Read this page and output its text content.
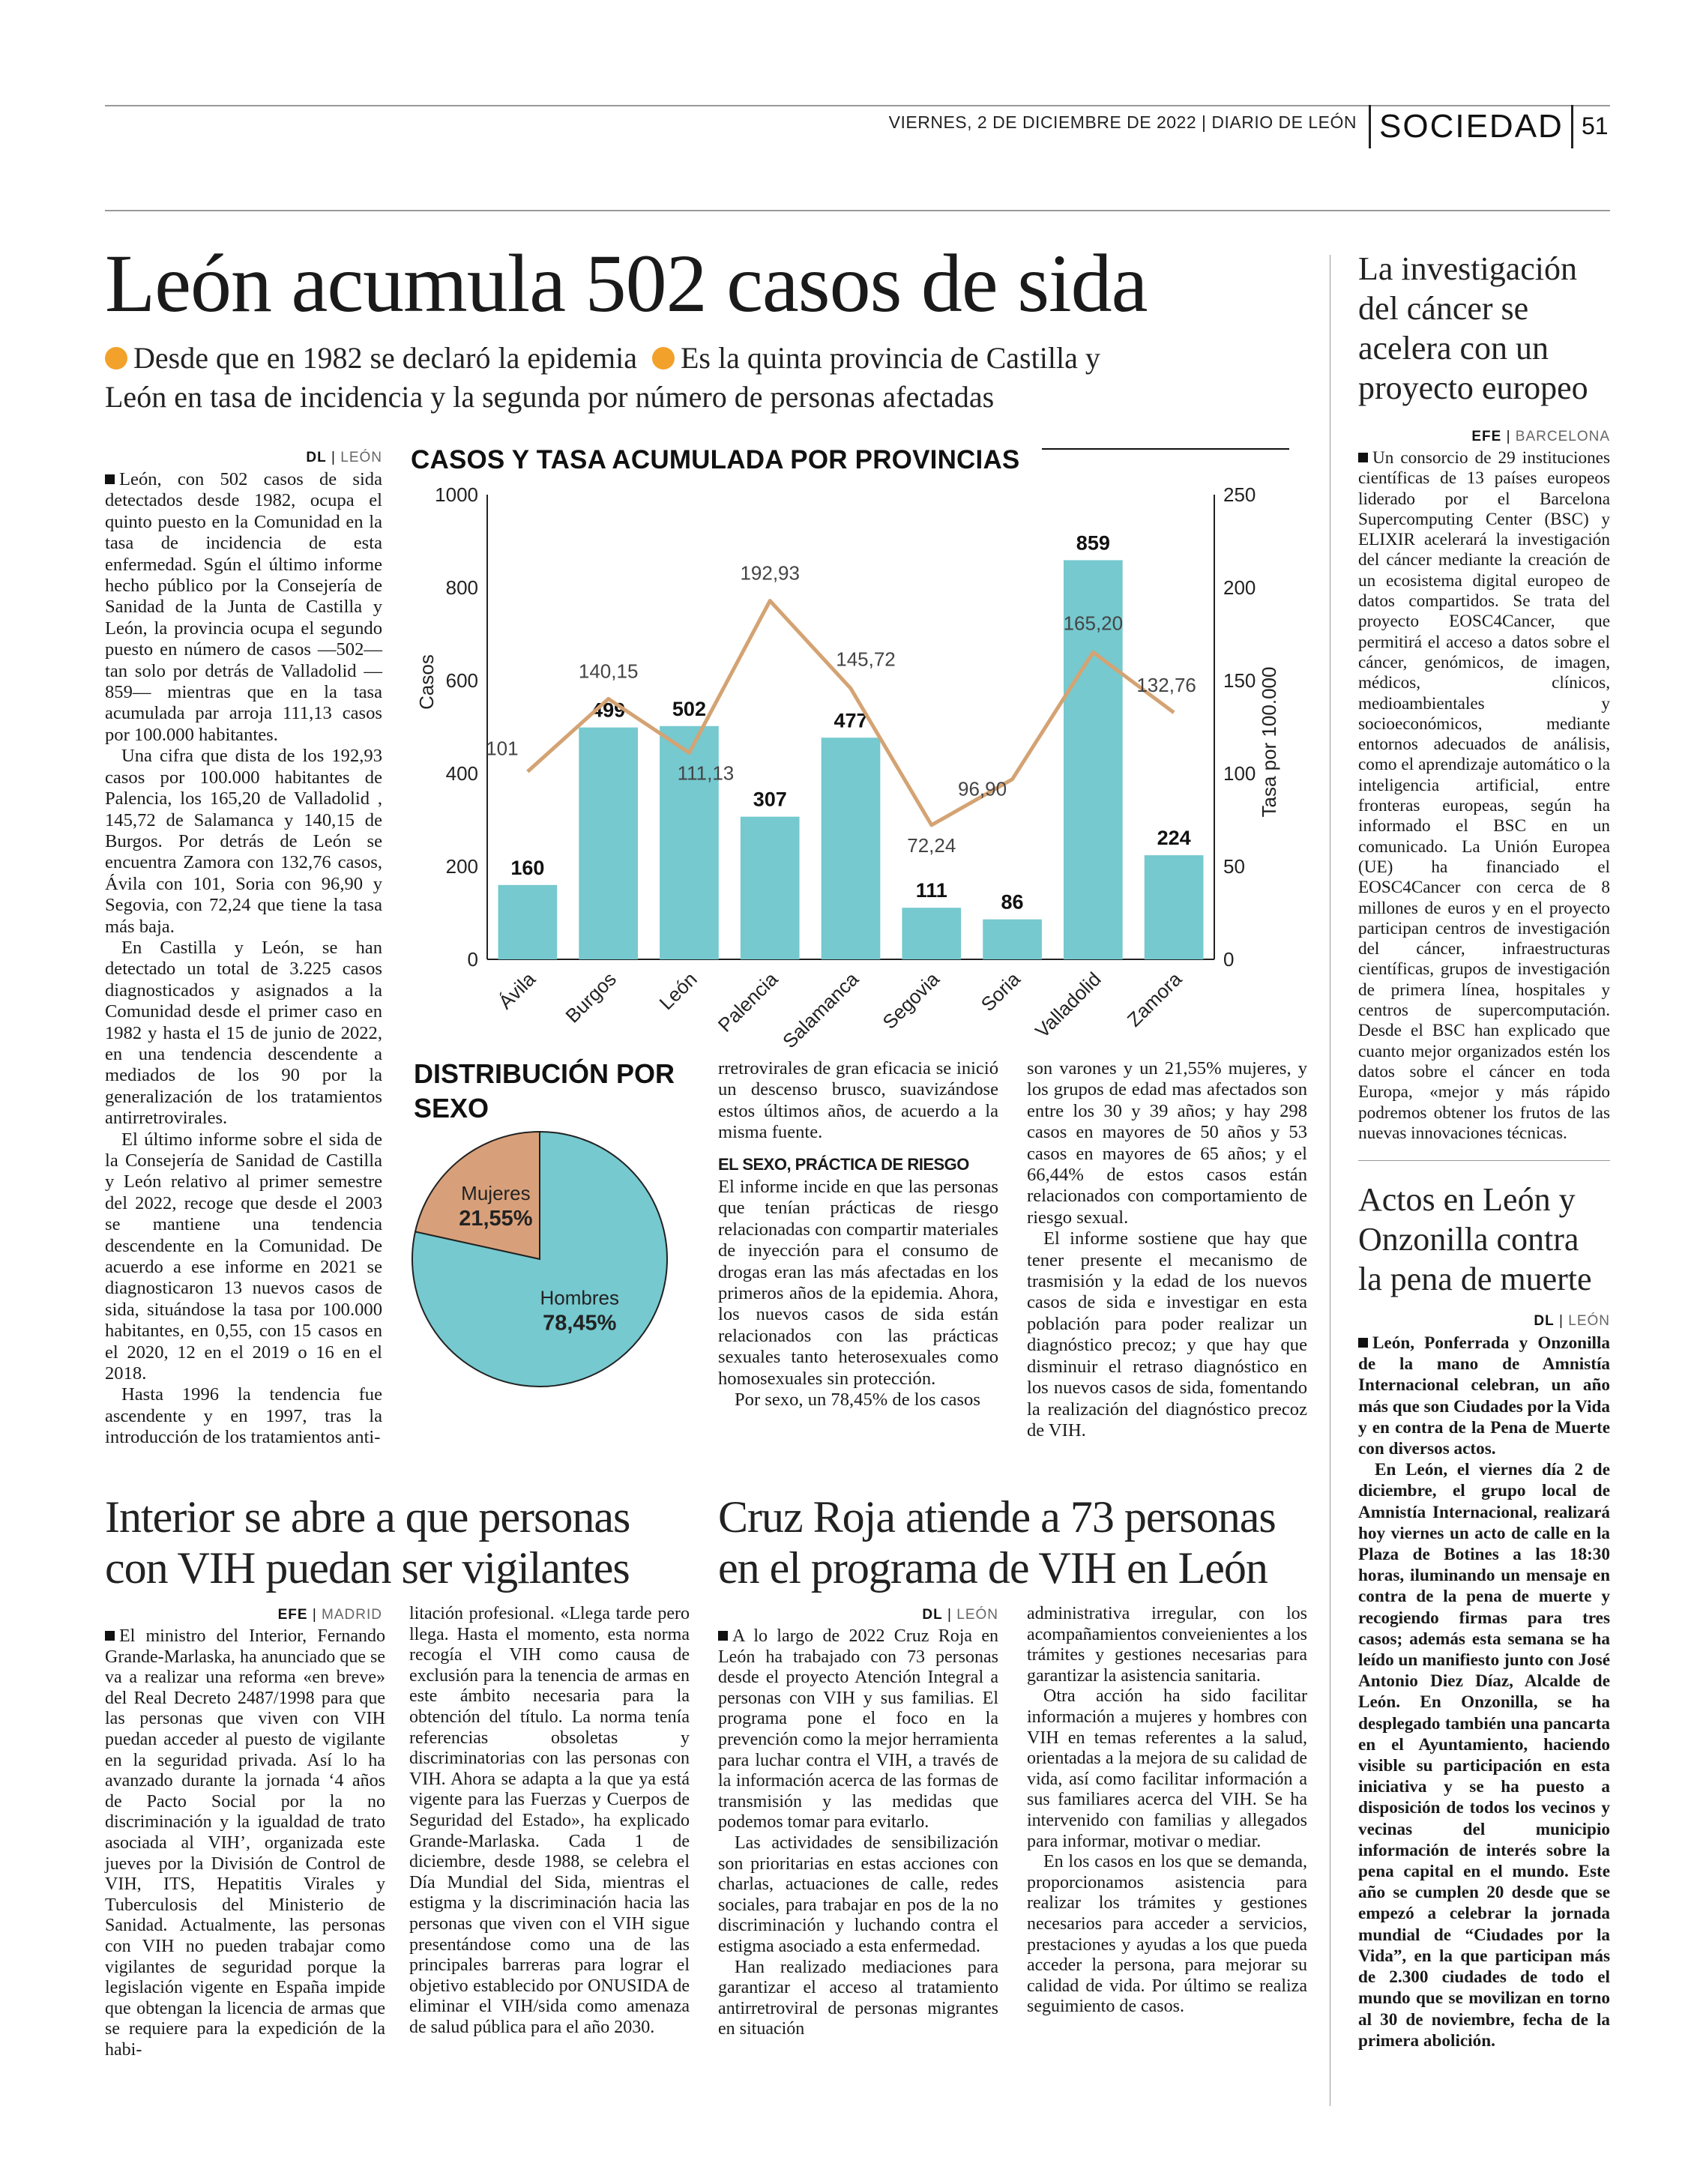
VIERNES, 2 DE DICIEMBRE DE 2022 | DIARIO DE LEÓN SOCIEDAD 51
León acumula 502 casos de sida
Desde que en 1982 se declaró la epidemia Es la quinta provincia de Castilla y
León en tasa de incidencia y la segunda por número de personas afectadas
DL | LEÓN

León, con 502 casos de sida detectados desde 1982, ocupa el quinto puesto en la Comunidad en la tasa de incidencia de esta enfermedad. Sgún el último informe hecho público por la Consejería de Sanidad de la Junta de Castilla y León, la provincia ocupa el segundo puesto en número de casos —502— tan solo por detrás de Valladolid —859— mientras que en la tasa acumulada par arroja 111,13 casos por 100.000 habitantes.

Una cifra que dista de los 192,93 casos por 100.000 habitantes de Palencia, los 165,20 de Valladolid , 145,72 de Salamanca y 140,15 de Burgos. Por detrás de León se encuentra Zamora con 132,76 casos, Ávila con 101, Soria con 96,90 y Segovia, con 72,24 que tiene la tasa más baja.

En Castilla y León, se han detectado un total de 3.225 casos diagnosticados y asignados a la Comunidad desde el primer caso en 1982 y hasta el 15 de junio de 2022, en una tendencia descendente a mediados de los 90 por la generalización de los tratamientos antirretrovirales.

El último informe sobre el sida de la Consejería de Sanidad de Castilla y León relativo al primer semestre del 2022, recoge que desde el 2003 se mantiene una tendencia descendente en la Comunidad. De acuerdo a ese informe en 2021 se diagnosticaron 13 nuevos casos de sida, situándose la tasa por 100.000 habitantes, en 0,55, con 15 casos en el 2020, 12 en el 2019 o 16 en el 2018.

Hasta 1996 la tendencia fue ascendente y en 1997, tras la introducción de los tratamientos anti-

CASOS Y TASA ACUMULADA POR PROVINCIAS
0
200
400
600
800
1000
0
50
100
150
200
250
Casos	Tasa por 100.000
160
Ávila
499
Burgos
502
León
307
Palencia
477
Salamanca
111
Segovia
86
Soria
859
Valladolid
224
Zamora
101
140,15
111,13
192,93
145,72
72,24
96,90
165,20
132,76
DISTRIBUCIÓN POR SEXO
Mujeres
21,55%
Hombres
78,45%

rretrovirales de gran eficacia se inició un descenso brusco, suavizándose estos últimos años, de acuerdo a la misma fuente.

EL SEXO, PRÁCTICA DE RIESGO

El informe incide en que las personas que tenían prácticas de riesgo relacionadas con compartir materiales de inyección para el consumo de drogas eran las más afectadas en los primeros años de la epidemia. Ahora, los nuevos casos de sida están relacionados con las prácticas sexuales tanto heterosexuales como homosexuales sin protección.

Por sexo, un 78,45% de los casos

son varones y un 21,55% mujeres, y los grupos de edad mas afectados son entre los 30 y 39 años; y hay 298 casos en mayores de 50 años y 53 casos en mayores de 65 años; y el 66,44% de estos casos están relacionados con comportamiento de riesgo sexual.

El informe sostiene que hay que tener presente el mecanismo de trasmisión y la edad de los nuevos casos de sida e investigar en esta población para poder realizar un diagnóstico precoz; y que hay que disminuir el retraso diagnóstico en los nuevos casos de sida, fomentando la realización del diagnóstico precoz de VIH.

La investigación del cáncer se acelera con un proyecto europeo
EFE | BARCELONA

Un consorcio de 29 instituciones científicas de 13 países europeos liderado por el Barcelona Supercomputing Center (BSC) y ELIXIR acelerará la investigación del cáncer mediante la creación de un ecosistema digital europeo de datos compartidos. Se trata del proyecto EOSC4Cancer, que permitirá el acceso a datos sobre el cáncer, genómicos, de imagen, médicos, clínicos, medioambientales y socioeconómicos, mediante entornos adecuados de análisis, como el aprendizaje automático o la inteligencia artificial, entre fronteras europeas, según ha informado el BSC en un comunicado. La Unión Europea (UE) ha financiado el EOSC4Cancer con cerca de 8 millones de euros y en el proyecto participan centros de investigación del cáncer, infraestructuras científicas, grupos de investigación de primera línea, hospitales y centros de supercomputación. Desde el BSC han explicado que cuanto mejor organizados estén los datos sobre el cáncer en toda Europa, «mejor y más rápido podremos obtener los frutos de las nuevas innovaciones técnicas.

Actos en León y Onzonilla contra la pena de muerte
DL | LEÓN

León, Ponferrada y Onzonilla de la mano de Amnistía Internacional celebran, un año más que son Ciudades por la Vida y en contra de la Pena de Muerte con diversos actos.

En León, el viernes día 2 de diciembre, el grupo local de Amnistía Internacional, realizará hoy viernes un acto de calle en la Plaza de Botines a las 18:30 horas, iluminando un mensaje en contra de la pena de muerte y recogiendo firmas para tres casos; además esta semana se ha leído un manifiesto junto con José Antonio Diez Díaz, Alcalde de León. En Onzonilla, se ha desplegado también una pancarta en el Ayuntamiento, haciendo visible su participación en esta iniciativa y se ha puesto a disposición de todos los vecinos y vecinas del municipio información de interés sobre la pena capital en el mundo. Este año se cumplen 20 desde que se empezó a celebrar la jornada mundial de “Ciudades por la Vida”, en la que participan más de 2.300 ciudades de todo el mundo que se movilizan en torno al 30 de noviembre, fecha de la primera abolición.

Interior se abre a que personas con VIH puedan ser vigilantes
EFE | MADRID

El ministro del Interior, Fernando Grande-Marlaska, ha anunciado que se va a realizar una reforma «en breve» del Real Decreto 2487/1998 para que las personas que viven con VIH puedan acceder al puesto de vigilante en la seguridad privada. Así lo ha avanzado durante la jornada ‘4 años de Pacto Social por la no discriminación y la igualdad de trato asociada al VIH’, organizada este jueves por la División de Control de VIH, ITS, Hepatitis Virales y Tuberculosis del Ministerio de Sanidad. Actualmente, las personas con VIH no pueden trabajar como vigilantes de seguridad porque la legislación vigente en España impide que obtengan la licencia de armas que se requiere para la expedición de la habi-

litación profesional. «Llega tarde pero llega. Hasta el momento, esta norma recogía el VIH como causa de exclusión para la tenencia de armas en este ámbito necesaria para la obtención del título. La norma tenía referencias obsoletas y discriminatorias con las personas con VIH. Ahora se adapta a la que ya está vigente para las Fuerzas y Cuerpos de Seguridad del Estado», ha explicado Grande-Marlaska. Cada 1 de diciembre, desde 1988, se celebra el Día Mundial del Sida, mientras el estigma y la discriminación hacia las personas que viven con el VIH sigue presentándose como una de las principales barreras para lograr el objetivo establecido por ONUSIDA de eliminar el VIH/sida como amenaza de salud pública para el año 2030.

Cruz Roja atiende a 73 personas en el programa de VIH en León
DL | LEÓN

A lo largo de 2022 Cruz Roja en León ha trabajado con 73 personas desde el proyecto Atención Integral a personas con VIH y sus familias. El programa pone el foco en la prevención como la mejor herramienta para luchar contra el VIH, a través de la información acerca de las formas de transmisión y las medidas que podemos tomar para evitarlo.

Las actividades de sensibilización son prioritarias en estas acciones con charlas, actuaciones de calle, redes sociales, para trabajar en pos de la no discriminación y luchando contra el estigma asociado a esta enfermedad.

Han realizado mediaciones para garantizar el acceso al tratamiento antirretroviral de personas migrantes en situación

administrativa irregular, con los acompañamientos conveienientes a los trámites y gestiones necesarias para garantizar la asistencia sanitaria.

Otra acción ha sido facilitar información a mujeres y hombres con VIH en temas referentes a la salud, orientadas a la mejora de su calidad de vida, así como facilitar información a sus familiares acerca del VIH. Se ha intervenido con familias y allegados para informar, motivar o mediar.

En los casos en los que se demanda, proporcionamos asistencia para realizar los trámites y gestiones necesarios para acceder a servicios, prestaciones y ayudas a los que pueda acceder la persona, para mejorar su calidad de vida. Por último se realiza seguimiento de casos.
